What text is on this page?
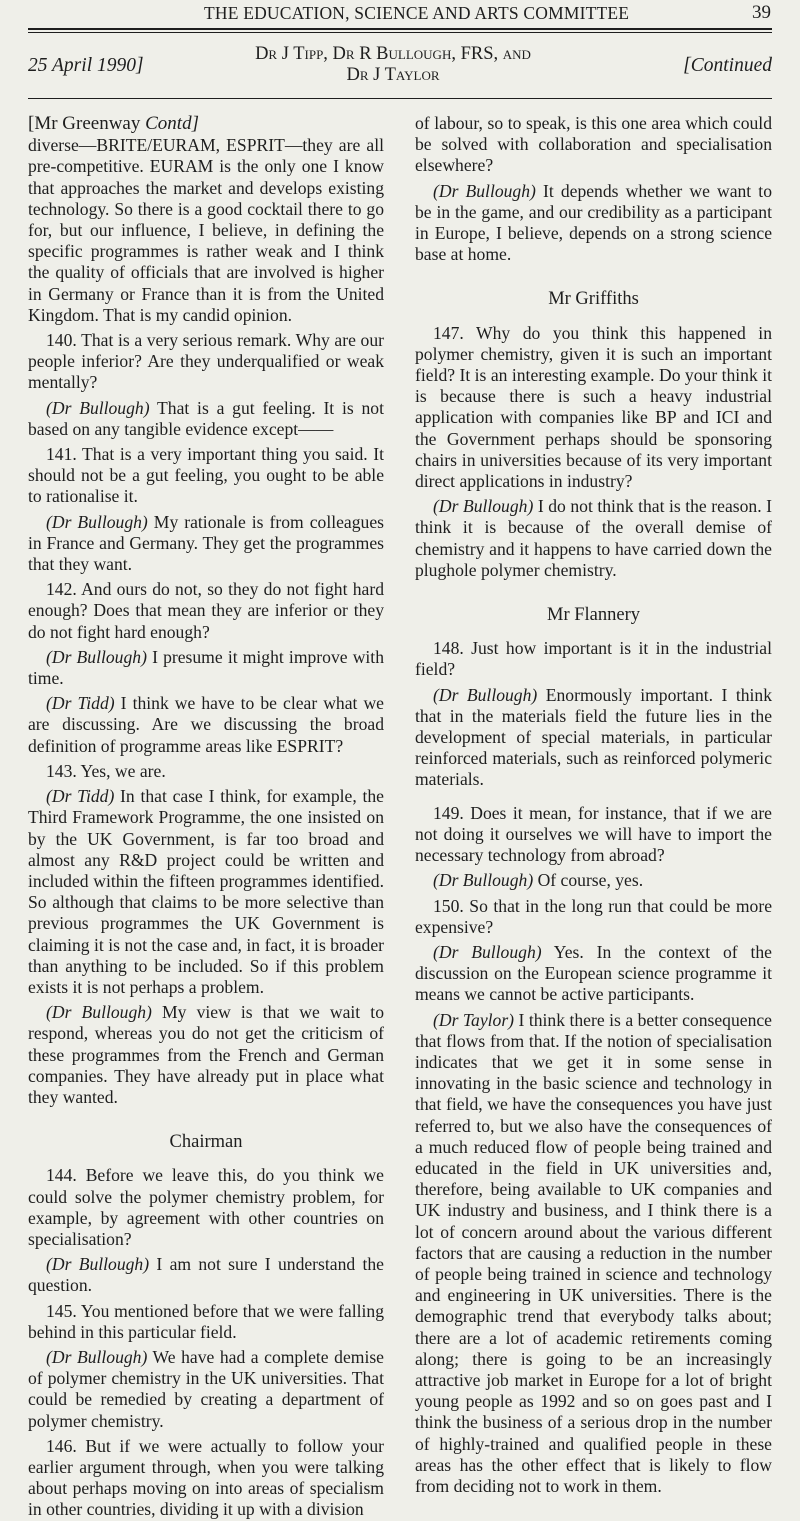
THE EDUCATION, SCIENCE AND ARTS COMMITTEE	39
25 April 1990]
Dr J Tipp, Dr R Bullough, FRS, and
Dr J Taylor	[Continued
[Mr Greenway Contd]

diverse—BRITE/EURAM, ESPRIT—they are all pre-competitive. EURAM is the only one I know that approaches the market and develops existing technology. So there is a good cocktail there to go for, but our influence, I believe, in defining the specific programmes is rather weak and I think the quality of officials that are involved is higher in Germany or France than it is from the United Kingdom. That is my candid opinion.

140. That is a very serious remark. Why are our people inferior? Are they underqualified or weak mentally?

(Dr Bullough) That is a gut feeling. It is not based on any tangible evidence except——

141. That is a very important thing you said. It should not be a gut feeling, you ought to be able to rationalise it.

(Dr Bullough) My rationale is from colleagues in France and Germany. They get the programmes that they want.

142. And ours do not, so they do not fight hard enough? Does that mean they are inferior or they do not fight hard enough?

(Dr Bullough) I presume it might improve with time.

(Dr Tidd) I think we have to be clear what we are discussing. Are we discussing the broad definition of programme areas like ESPRIT?

143. Yes, we are.

(Dr Tidd) In that case I think, for example, the Third Framework Programme, the one insisted on by the UK Government, is far too broad and almost any R&D project could be written and included within the fifteen programmes identified. So although that claims to be more selective than previous programmes the UK Government is claiming it is not the case and, in fact, it is broader than anything to be included. So if this problem exists it is not perhaps a problem.

(Dr Bullough) My view is that we wait to respond, whereas you do not get the criticism of these programmes from the French and German companies. They have already put in place what they wanted.

Chairman

144. Before we leave this, do you think we could solve the polymer chemistry problem, for example, by agreement with other countries on specialisation?

(Dr Bullough) I am not sure I understand the question.

145. You mentioned before that we were falling behind in this particular field.

(Dr Bullough) We have had a complete demise of polymer chemistry in the UK universities. That could be remedied by creating a department of polymer chemistry.

146. But if we were actually to follow your earlier argument through, when you were talking about perhaps moving on into areas of specialism in other countries, dividing it up with a division

of labour, so to speak, is this one area which could be solved with collaboration and specialisation elsewhere?

(Dr Bullough) It depends whether we want to be in the game, and our credibility as a participant in Europe, I believe, depends on a strong science base at home.

Mr Griffiths

147. Why do you think this happened in polymer chemistry, given it is such an important field? It is an interesting example. Do your think it is because there is such a heavy industrial application with companies like BP and ICI and the Government perhaps should be sponsoring chairs in universities because of its very important direct applications in industry?

(Dr Bullough) I do not think that is the reason. I think it is because of the overall demise of chemistry and it happens to have carried down the plughole polymer chemistry.

Mr Flannery

148. Just how important is it in the industrial field?

(Dr Bullough) Enormously important. I think that in the materials field the future lies in the development of special materials, in particular reinforced materials, such as reinforced polymeric materials.

149. Does it mean, for instance, that if we are not doing it ourselves we will have to import the necessary technology from abroad?

(Dr Bullough) Of course, yes.

150. So that in the long run that could be more expensive?

(Dr Bullough) Yes. In the context of the discussion on the European science programme it means we cannot be active participants.

(Dr Taylor) I think there is a better consequence that flows from that. If the notion of specialisation indicates that we get it in some sense in innovating in the basic science and technology in that field, we have the consequences you have just referred to, but we also have the consequences of a much reduced flow of people being trained and educated in the field in UK universities and, therefore, being available to UK companies and UK industry and business, and I think there is a lot of concern around about the various different factors that are causing a reduction in the number of people being trained in science and technology and engineering in UK universities. There is the demographic trend that everybody talks about; there are a lot of academic retirements coming along; there is going to be an increasingly attractive job market in Europe for a lot of bright young people as 1992 and so on goes past and I think the business of a serious drop in the number of highly-trained and qualified people in these areas has the other effect that is likely to flow from deciding not to work in them.
